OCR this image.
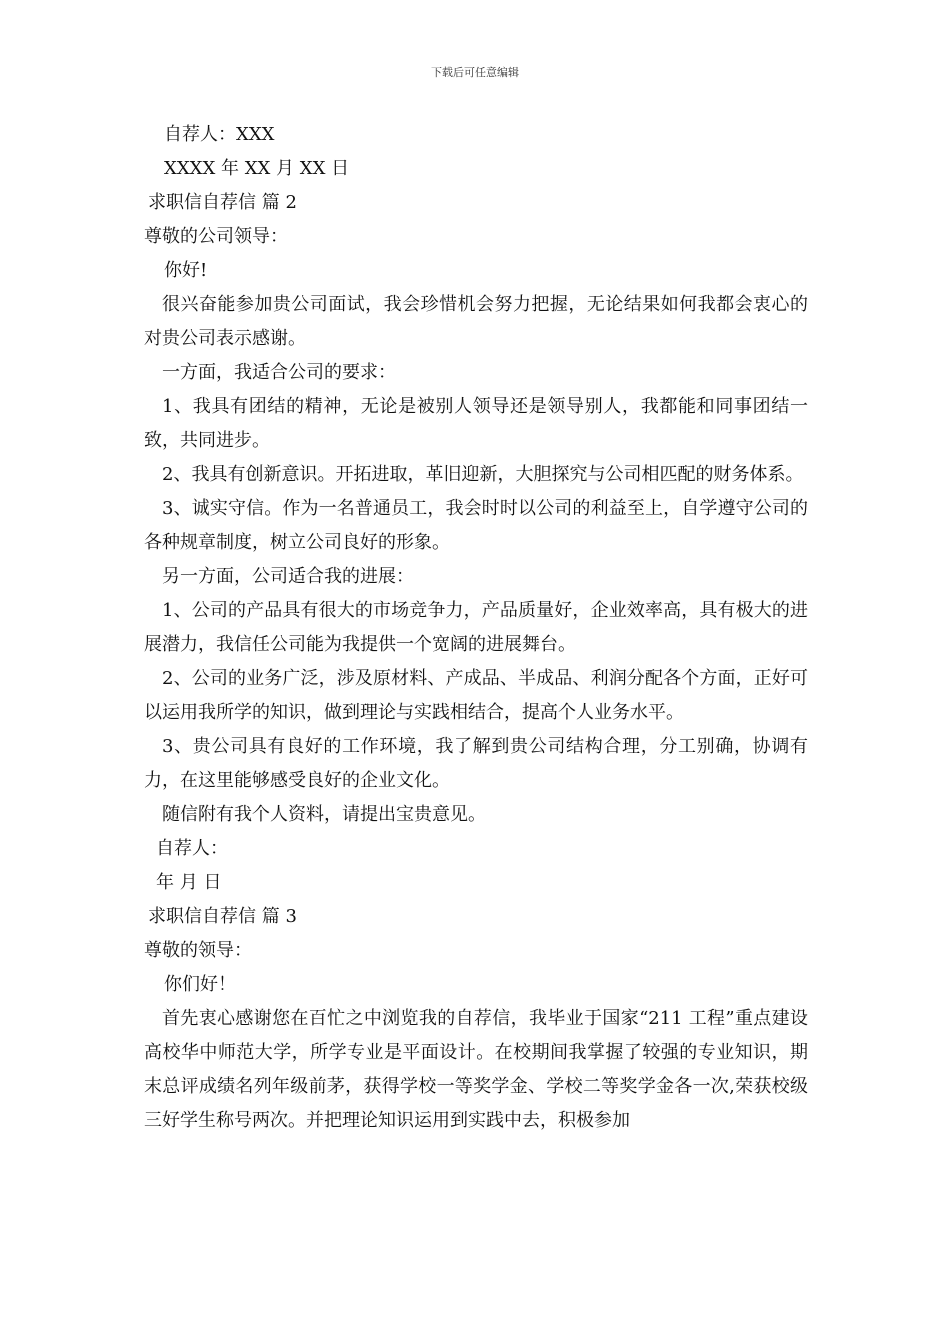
下载后可任意编辑

自荐人：XXX

XXXX 年 XX 月 XX 日

求职信自荐信 篇 2

尊敬的公司领导：

你好!

很兴奋能参加贵公司面试，我会珍惜机会努力把握，无论结果如何我都会衷心的对贵公司表示感谢。

一方面，我适合公司的要求：

1、我具有团结的精神，无论是被别人领导还是领导别人，我都能和同事团结一致，共同进步。

2、我具有创新意识。开拓进取，革旧迎新，大胆探究与公司相匹配的财务体系。

3、诚实守信。作为一名普通员工，我会时时以公司的利益至上，自学遵守公司的各种规章制度，树立公司良好的形象。

另一方面，公司适合我的进展：

1、公司的产品具有很大的市场竞争力，产品质量好，企业效率高，具有极大的进展潜力，我信任公司能为我提供一个宽阔的进展舞台。

2、公司的业务广泛，涉及原材料、产成品、半成品、利润分配各个方面，正好可以运用我所学的知识，做到理论与实践相结合，提高个人业务水平。

3、贵公司具有良好的工作环境，我了解到贵公司结构合理，分工别确，协调有力，在这里能够感受良好的企业文化。

随信附有我个人资料，请提出宝贵意见。

自荐人：

年 月 日

求职信自荐信 篇 3

尊敬的领导：

你们好！

首先衷心感谢您在百忙之中浏览我的自荐信，我毕业于国家“211 工程”重点建设高校华中师范大学，所学专业是平面设计。在校期间我掌握了较强的专业知识，期末总评成绩名列年级前茅，获得学校一等奖学金、学校二等奖学金各一次,荣获校级三好学生称号两次。并把理论知识运用到实践中去，积极参加
